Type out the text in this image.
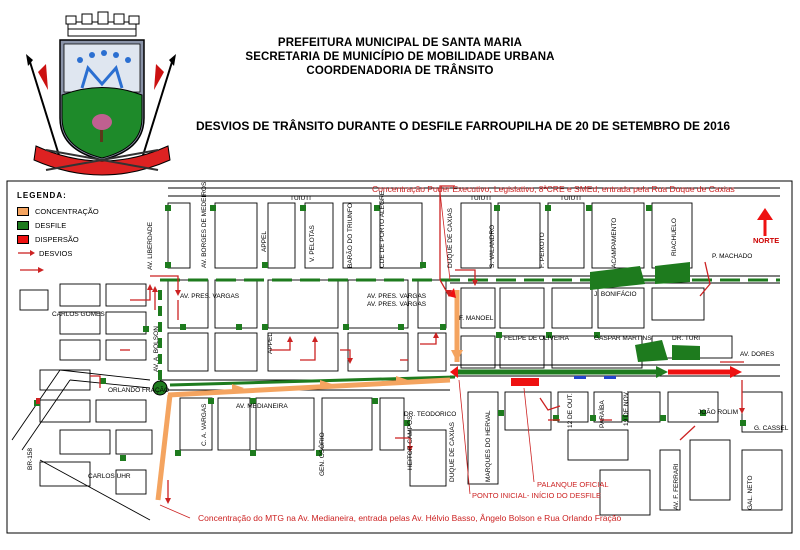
PREFEITURA MUNICIPAL DE SANTA MARIA
SECRETARIA DE MUNICÍPIO DE MOBILIDADE URBANA
COORDENADORIA DE TRÂNSITO
DESVIOS DE TRÂNSITO DURANTE O DESFILE FARROUPILHA DE 20 DE SETEMBRO DE 2016
NORTE
Concentração Poder Executivo, Legislativo, 8ªCRE e SMEd, entrada pela Rua Duque de Caxias
Concentração do MTG na Av. Medianeira, entrada pelas Av. Hélvio Basso, Ângelo Bolson e Rua Orlando Fração
PALANQUE OFICIAL
PONTO INICIAL- INÍCIO DO DESFILE
TUIUTI	TUIUTI	TUIUTI
P. MACHADO
J. BONIFÁCIO
AV. PRES. VARGAS	AV. PRES. VARGAS
AV. PRES. VARGAS
F. MANOEL
FELIPE DE OLIVEIRA	GASPAR MARTINS	DR. TURI
AV. DORES
CARLOS GOMES
ORLANDO FRAÇÃO
AV. MEDIANEIRA
DR. TEODORICO	JOÃO ROLIM
G. CASSEL
CARLOS UHR
AV. LIBERDADE	AV. BORGES DE MEDEIROS	APPEL	V. PELOTAS	BARÃO DO TRIUNFO	CDE DE PORTO ALEGRE	DUQUE DE CAXIAS	S. VALANDRO	F. PEIXOTO	ACAMPAMENTO	RIACHUELO
AV. A. BOLSON	APPEL
C. A. VARGAS
GEN. OSÓRIO	HEITOR CAMPOS	DUQUE DE CAXIAS	MARQUES DO HERVAL	12 DE OUT.	PARAÍBA	19 DE NOV.
AV. F. FERRARI	GAL. NETO
BR-158
LEGENDA:
CONCENTRAÇÃO
DESFILE
DISPERSÃO
DESVIOS
